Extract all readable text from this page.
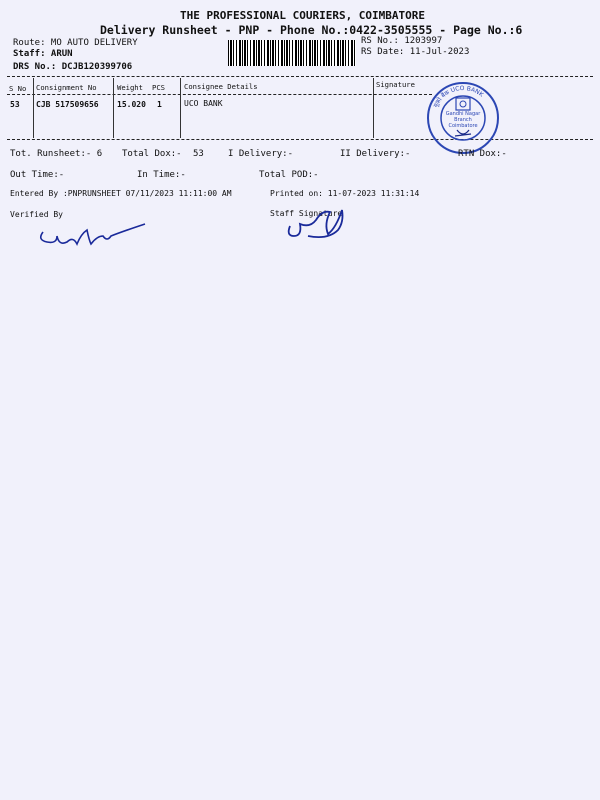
THE PROFESSIONAL COURIERS, COIMBATORE
Delivery Runsheet - PNP - Phone No.:0422-3505555 - Page No.:6
Route: MO AUTO DELIVERY
Staff: ARUN
DRS No.: DCJB120399706
RS No.: 1203997
RS Date: 11-Jul-2023
S No Consignment No	Weight PCS	Consignee Details	Signature
53 CJB 517509656 15.020 1	UCO BANK	यूको बैंक UCO BANK
Gandhi Nagar Branch Coimbatore
Tot. Runsheet:- 6 Total Dox:- 53	I Delivery:-	II Delivery:-	RTN Dox:-
Out Time:-	In Time:-	Total POD:-
Entered By :PNPRUNSHEET 07/11/2023 11:11:00 AM	Printed on: 11-07-2023 11:31:14
Verified By	Staff Signature
